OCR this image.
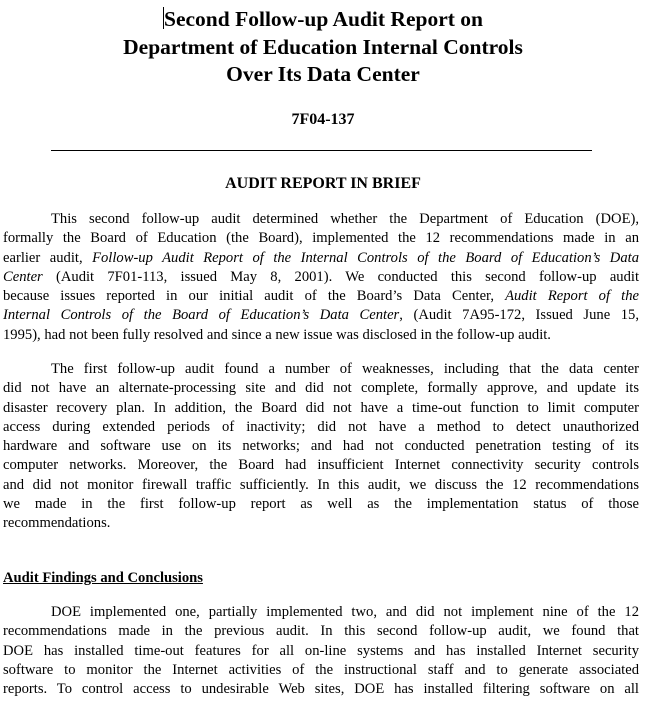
Second Follow-up Audit Report on
Department of Education Internal Controls
Over Its Data Center
7F04-137
AUDIT REPORT IN BRIEF
This second follow-up audit determined whether the Department of Education (DOE),
formally the Board of Education (the Board), implemented the 12 recommendations made in an
earlier audit, Follow-up Audit Report of the Internal Controls of the Board of Education’s Data
Center (Audit 7F01-113, issued May 8, 2001). We conducted this second follow-up audit
because issues reported in our initial audit of the Board’s Data Center, Audit Report of the
Internal Controls of the Board of Education’s Data Center, (Audit 7A95-172, Issued June 15,
1995), had not been fully resolved and since a new issue was disclosed in the follow-up audit.
The first follow-up audit found a number of weaknesses, including that the data center
did not have an alternate-processing site and did not complete, formally approve, and update its
disaster recovery plan. In addition, the Board did not have a time-out function to limit computer
access during extended periods of inactivity; did not have a method to detect unauthorized
hardware and software use on its networks; and had not conducted penetration testing of its
computer networks. Moreover, the Board had insufficient Internet connectivity security controls
and did not monitor firewall traffic sufficiently. In this audit, we discuss the 12 recommendations
we made in the first follow-up report as well as the implementation status of those
recommendations.
Audit Findings and Conclusions
DOE implemented one, partially implemented two, and did not implement nine of the 12
recommendations made in the previous audit. In this second follow-up audit, we found that
DOE has installed time-out features for all on-line systems and has installed Internet security
software to monitor the Internet activities of the instructional staff and to generate associated
reports. To control access to undesirable Web sites, DOE has installed filtering software on all
